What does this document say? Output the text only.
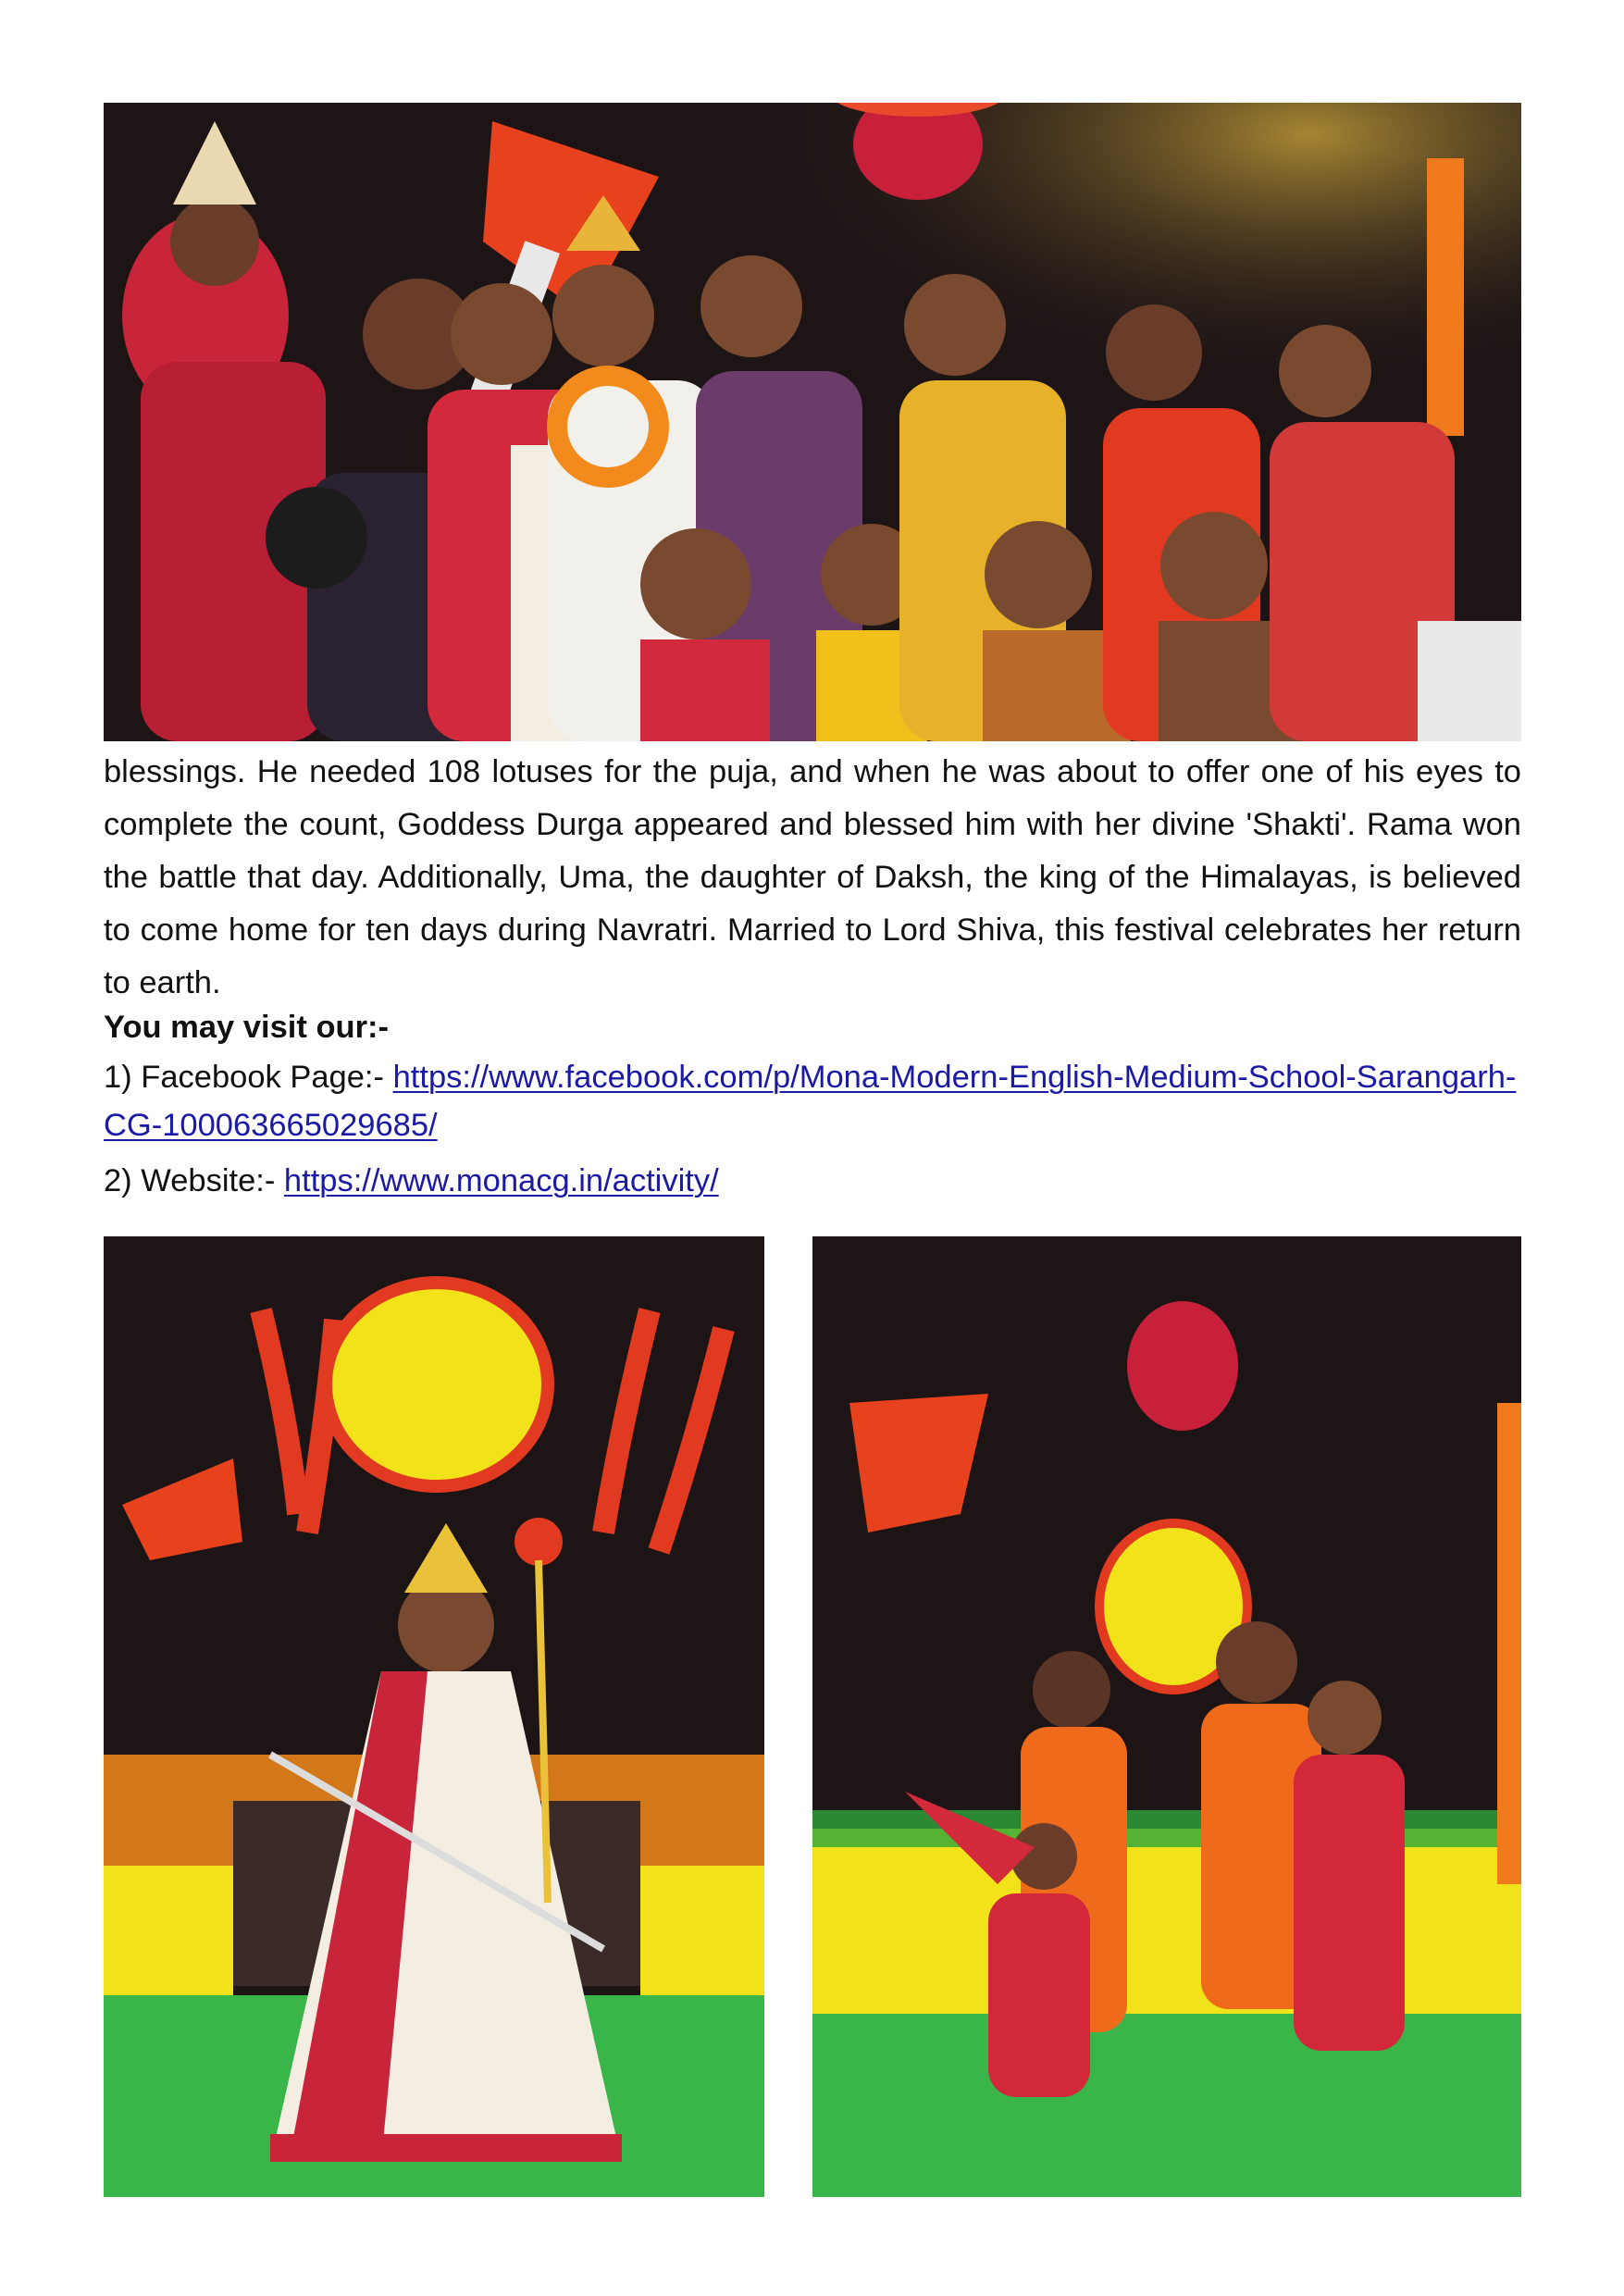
blessings. He needed 108 lotuses for the puja, and when he was about to offer one of his eyes to complete the count, Goddess Durga appeared and blessed him with her divine 'Shakti'. Rama won the battle that day. Additionally, Uma, the daughter of Daksh, the king of the Himalayas, is believed to come home for ten days during Navratri. Married to Lord Shiva, this festival celebrates her return to earth.
You may visit our:-
1) Facebook Page:- https://www.facebook.com/p/Mona-Modern-English-Medium-School-Sarangarh-CG-100063665029685/
2) Website:- https://www.monacg.in/activity/
